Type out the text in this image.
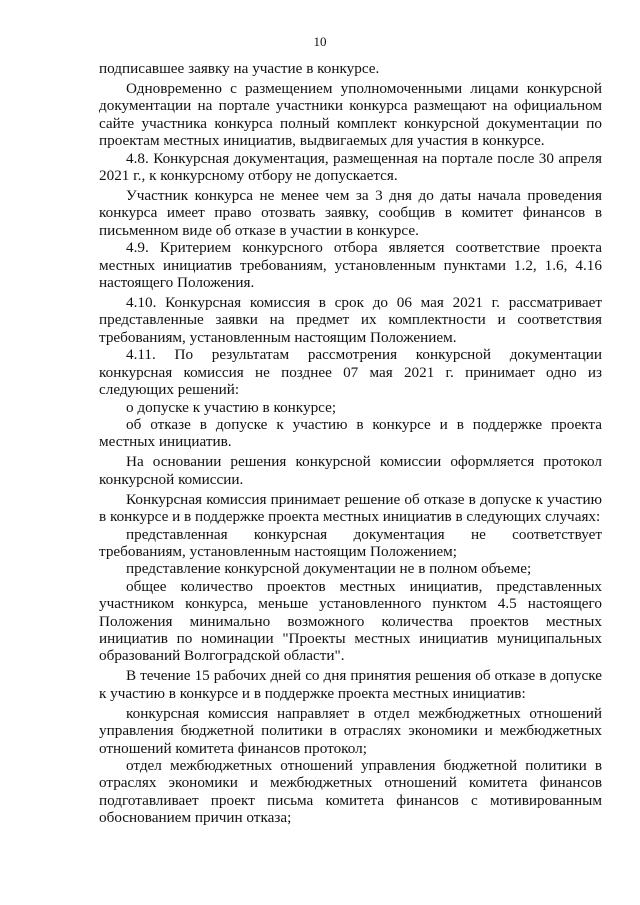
10

подписавшее заявку на участие в конкурсе.

Одновременно с размещением уполномоченными лицами конкурсной документации на портале участники конкурса размещают на официальном сайте участника конкурса полный комплект конкурсной документации по проектам местных инициатив, выдвигаемых для участия в конкурсе.

4.8. Конкурсная документация, размещенная на портале после 30 апреля 2021 г., к конкурсному отбору не допускается.

Участник конкурса не менее чем за 3 дня до даты начала проведения конкурса имеет право отозвать заявку, сообщив в комитет финансов в письменном виде об отказе в участии в конкурсе.

4.9. Критерием конкурсного отбора является соответствие проекта местных инициатив требованиям, установленным пунктами 1.2, 1.6, 4.16 настоящего Положения.

4.10. Конкурсная комиссия в срок до 06 мая 2021 г. рассматривает представленные заявки на предмет их комплектности и соответствия требованиям, установленным настоящим Положением.

4.11. По результатам рассмотрения конкурсной документации конкурсная комиссия не позднее 07 мая 2021 г. принимает одно из следующих решений:

о допуске к участию в конкурсе;

об отказе в допуске к участию в конкурсе и в поддержке проекта местных инициатив.

На основании решения конкурсной комиссии оформляется протокол конкурсной комиссии.

Конкурсная комиссия принимает решение об отказе в допуске к участию в конкурсе и в поддержке проекта местных инициатив в следующих случаях:

представленная конкурсная документация не соответствует требованиям, установленным настоящим Положением;

представление конкурсной документации не в полном объеме;

общее количество проектов местных инициатив, представленных участником конкурса, меньше установленного пунктом 4.5 настоящего Положения минимально возможного количества проектов местных инициатив по номинации "Проекты местных инициатив муниципальных образований Волгоградской области".

В течение 15 рабочих дней со дня принятия решения об отказе в допуске к участию в конкурсе и в поддержке проекта местных инициатив:

конкурсная комиссия направляет в отдел межбюджетных отношений управления бюджетной политики в отраслях экономики и межбюджетных отношений комитета финансов протокол;

отдел межбюджетных отношений управления бюджетной политики в отраслях экономики и межбюджетных отношений комитета финансов подготавливает проект письма комитета финансов с мотивированным обоснованием причин отказа;
